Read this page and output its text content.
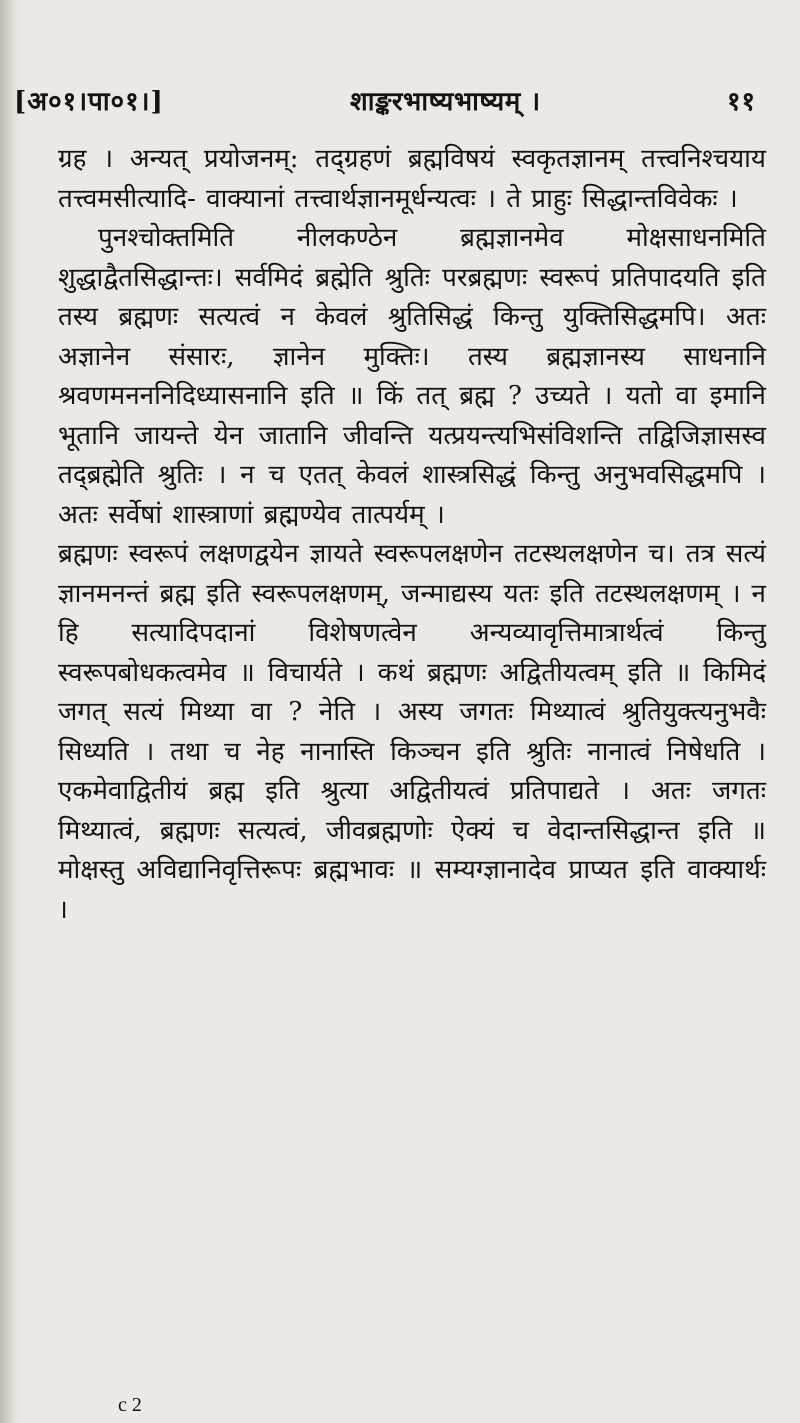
[अ०१।पा०१।]	शाङ्करभाष्यभाष्यम् ।	११

ग्रह । अन्यत् प्रयोजनम्: तद्ग्रहणं ब्रह्मविषयं स्वकृतज्ञानम् तत्त्वनिश्चयाय तत्त्वमसीत्यादि- वाक्यानां तत्त्वार्थज्ञानमूर्धन्यत्वः । ते प्राहुः सिद्धान्तविवेकः ।

पुनश्चोक्तमिति नीलकण्ठेन ब्रह्मज्ञानमेव मोक्षसाधनमिति शुद्धाद्वैतसिद्धान्तः। सर्वमिदं ब्रह्मेति श्रुतिः परब्रह्मणः स्वरूपं प्रतिपादयति इति तस्य ब्रह्मणः सत्यत्वं न केवलं श्रुतिसिद्धं किन्तु युक्तिसिद्धमपि। अतः अज्ञानेन संसारः, ज्ञानेन मुक्तिः। तस्य ब्रह्मज्ञानस्य साधनानि श्रवणमनननिदिध्यासनानि इति ॥ किं तत् ब्रह्म ? उच्यते । यतो वा इमानि भूतानि जायन्ते येन जातानि जीवन्ति यत्प्रयन्त्यभिसंविशन्ति तद्विजिज्ञासस्व तद्ब्रह्मेति श्रुतिः । न च एतत् केवलं शास्त्रसिद्धं किन्तु अनुभवसिद्धमपि । अतः सर्वेषां शास्त्राणां ब्रह्मण्येव तात्पर्यम् ।

ब्रह्मणः स्वरूपं लक्षणद्वयेन ज्ञायते स्वरूपलक्षणेन तटस्थलक्षणेन च। तत्र सत्यं ज्ञानमनन्तं ब्रह्म इति स्वरूपलक्षणम्, जन्माद्यस्य यतः इति तटस्थलक्षणम् । न हि सत्यादिपदानां विशेषणत्वेन अन्यव्यावृत्तिमात्रार्थत्वं किन्तु स्वरूपबोधकत्वमेव ॥ विचार्यते । कथं ब्रह्मणः अद्वितीयत्वम् इति ॥ किमिदं जगत् सत्यं मिथ्या वा ? नेति । अस्य जगतः मिथ्यात्वं श्रुतियुक्त्यनुभवैः सिध्यति । तथा च नेह नानास्ति किञ्चन इति श्रुतिः नानात्वं निषेधति । एकमेवाद्वितीयं ब्रह्म इति श्रुत्या अद्वितीयत्वं प्रतिपाद्यते । अतः जगतः मिथ्यात्वं, ब्रह्मणः सत्यत्वं, जीवब्रह्मणोः ऐक्यं च वेदान्तसिद्धान्त इति ॥ मोक्षस्तु अविद्यानिवृत्तिरूपः ब्रह्मभावः ॥ सम्यग्ज्ञानादेव प्राप्यत इति वाक्यार्थः ।

c 2
